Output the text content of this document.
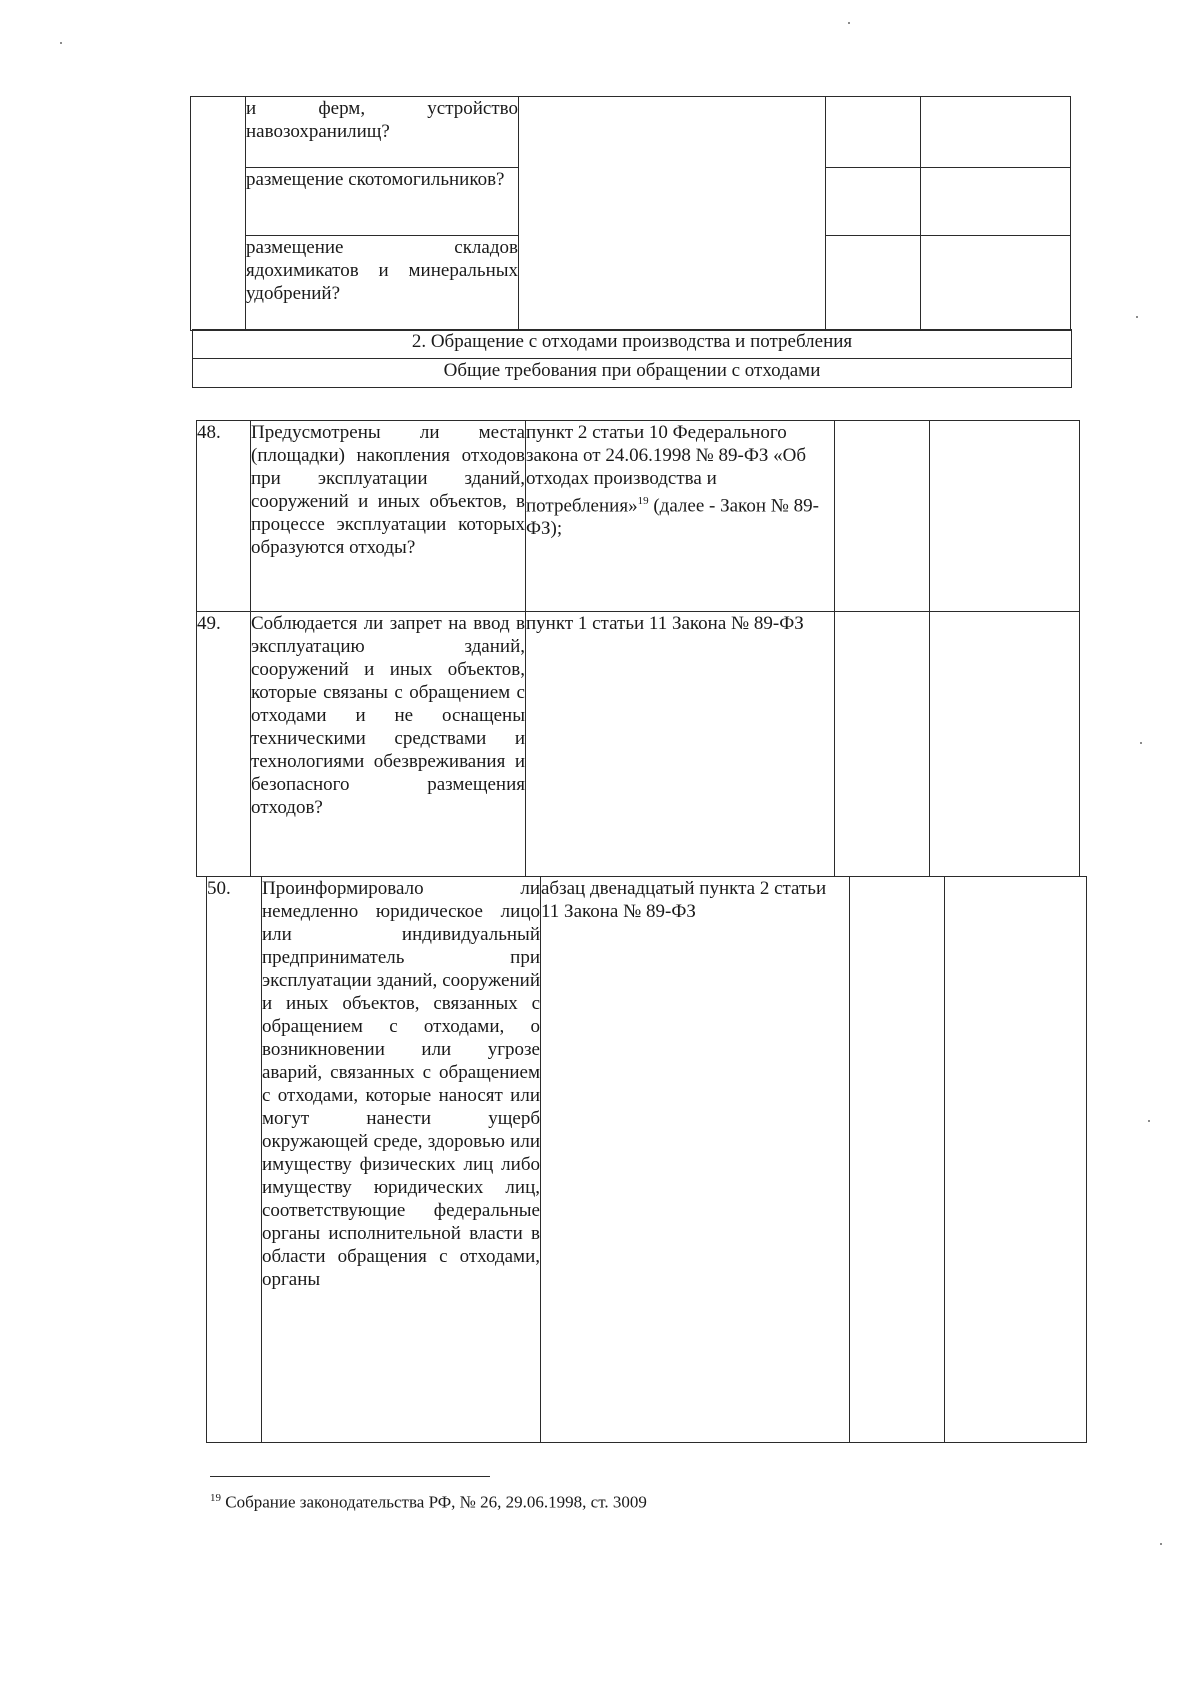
	и ферм, устройство навозохранилищ?			
	размещение скотомогильников?			
	размещение складов ядохимикатов и минеральных удобрений?			
2. Обращение с отходами производства и потребления
Общие требования при обращении с отходами
48.	Предусмотрены ли места (площадки) накопления отходов при эксплуатации зданий, сооружений и иных объектов, в процессе эксплуатации которых образуются отходы?	пункт 2 статьи 10 Федерального закона от 24.06.1998 № 89-ФЗ «Об отходах производства и потребления»$^{19}$ (далее - Закон № 89-ФЗ);		
49.	Соблюдается ли запрет на ввод в эксплуатацию зданий, сооружений и иных объектов, которые связаны с обращением с отходами и не оснащены техническими средствами и технологиями обезвреживания и безопасного размещения отходов?	пункт 1 статьи 11 Закона № 89-ФЗ		
50.	Проинформировало ли немедленно юридическое лицо или индивидуальный предприниматель при эксплуатации зданий, сооружений и иных объектов, связанных с обращением с отходами, о возникновении или угрозе аварий, связанных с обращением с отходами, которые наносят или могут нанести ущерб окружающей среде, здоровью или имуществу физических лиц либо имуществу юридических лиц, соответствующие федеральные органы исполнительной власти в области обращения с отходами, органы	абзац двенадцатый пункта 2 статьи 11 Закона № 89-ФЗ		
$^{19}$ Собрание законодательства РФ, № 26, 29.06.1998, ст. 3009
